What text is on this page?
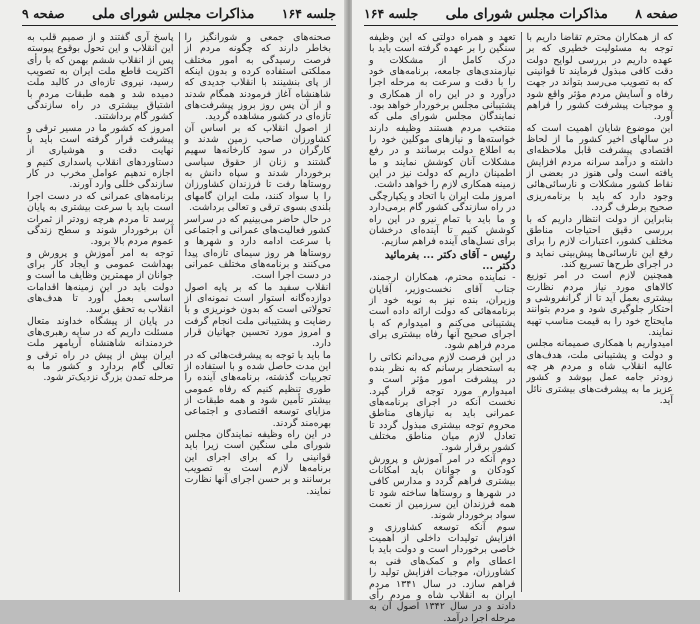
جلسه ۱۶۴
مذاکرات مجلس شورای ملی
صفحه ۹

صحنه‌های جمعی و شورانگیز را بخاطر دارند که چگونه مردم از فرصت رسیدگی به امور مختلف مملکتی استفاده کرده و بدون اینکه از پای بنشینند با انقلاب جدیدی که شاهنشاه آغاز فرمودند همگام شدند و از آن پس روز بروز پیشرفت‌های تازه‌ای در کشور مشاهده گردید.

از اصول انقلاب که بر اساس آن کشاورزان صاحب زمین شدند و کارگران در سود کارخانه‌ها سهیم گشتند و زنان از حقوق سیاسی برخوردار شدند و سپاه دانش به روستاها رفت تا فرزندان کشاورزان را با سواد کنند، ملت ایران گامهای بلندی بسوی ترقی و تعالی برداشت.

در حال حاضر می‌بینیم که در سراسر کشور فعالیت‌های عمرانی و اجتماعی با سرعت ادامه دارد و شهرها و روستاها هر روز سیمای تازه‌ای پیدا می‌کنند و برنامه‌های مختلف عمرانی در دست اجرا است.

انقلاب سفید ما که بر پایه اصول دوازده‌گانه استوار است نمونه‌ای از تحولاتی است که بدون خونریزی و با رضایت و پشتیبانی ملت انجام گرفت و امروز مورد تحسین جهانیان قرار دارد.

ما باید با توجه به پیشرفت‌هائی که در این مدت حاصل شده و با استفاده از تجربیات گذشته، برنامه‌های آینده را طوری تنظیم کنیم که رفاه عمومی بیشتر تأمین شود و همه طبقات از مزایای توسعه اقتصادی و اجتماعی بهره‌مند گردند.

در این راه وظیفه نمایندگان مجلس شورای ملی سنگین است زیرا باید قوانینی را که برای اجرای این برنامه‌ها لازم است به تصویب برسانند و بر حسن اجرای آنها نظارت نمایند.

پاسخ آری گفتند و از صمیم قلب به این انقلاب و این تحول بوقوع پیوسته پس از انقلاب ششم بهمن که با رأی اکثریت قاطع ملت ایران به تصویب رسید، نیروی تازه‌ای در کالبد ملت دمیده شد و همه طبقات مردم با اشتیاق بیشتری در راه سازندگی کشور گام برداشتند.

امروز که کشور ما در مسیر ترقی و پیشرفت قرار گرفته است باید با نهایت دقت و هوشیاری از دستاوردهای انقلاب پاسداری کنیم و اجازه ندهیم عوامل مخرب در کار سازندگی خللی وارد آورند.

برنامه‌های عمرانی که در دست اجرا است باید با سرعت بیشتری به پایان برسد تا مردم هرچه زودتر از ثمرات آن برخوردار شوند و سطح زندگی عموم مردم بالا برود.

توجه به امر آموزش و پرورش و بهداشت عمومی و ایجاد کار برای جوانان از مهمترین وظایف ما است و دولت باید در این زمینه‌ها اقدامات اساسی بعمل آورد تا هدف‌های انقلاب به تحقق برسد.

در پایان از پیشگاه خداوند متعال مسئلت داریم که در سایه رهبری‌های خردمندانه شاهنشاه آریامهر ملت ایران بیش از پیش در راه ترقی و تعالی گام بردارد و کشور ما به مرحله تمدن بزرگ نزدیک‌تر شود.

صفحه ۸
مذاکرات مجلس شورای ملی
جلسه ۱۶۴

که از همکاران محترم تقاضا داریم با توجه به مسئولیت خطیری که بر عهده داریم در بررسی لوایح دولت دقت کافی مبذول فرمایند تا قوانینی که به تصویب می‌رسد بتواند در جهت رفاه و آسایش مردم مؤثر واقع شود و موجبات پیشرفت کشور را فراهم آورد.

این موضوع شایان اهمیت است که در سالهای اخیر کشور ما از لحاظ اقتصادی پیشرفت قابل ملاحظه‌ای داشته و درآمد سرانه مردم افزایش یافته است ولی هنوز در بعضی از نقاط کشور مشکلات و نارسائی‌هائی وجود دارد که باید با برنامه‌ریزی صحیح برطرف گردد.

بنابراین از دولت انتظار داریم که با بررسی دقیق احتیاجات مناطق مختلف کشور، اعتبارات لازم را برای رفع این نارسائی‌ها پیش‌بینی نماید و در اجرای طرح‌ها تسریع کند.

همچنین لازم است در امر توزیع کالاهای مورد نیاز مردم نظارت بیشتری بعمل آید تا از گرانفروشی و احتکار جلوگیری شود و مردم بتوانند مایحتاج خود را به قیمت مناسب تهیه نمایند.

امیدواریم با همکاری صمیمانه مجلس و دولت و پشتیبانی ملت، هدف‌های عالیه انقلاب شاه و مردم هر چه زودتر جامه عمل بپوشد و کشور عزیز ما به پیشرفت‌های بیشتری نائل آید.

تعهد و همراه دولتی که این وظیفه سنگین را بر عهده گرفته است باید با درک کامل از مشکلات و نیازمندی‌های جامعه، برنامه‌های خود را با دقت و سرعت به مرحله اجرا درآورد و در این راه از همکاری و پشتیبانی مجلس برخوردار خواهد بود.

نمایندگان مجلس شورای ملی که منتخب مردم هستند وظیفه دارند خواسته‌ها و نیازهای موکلین خود را به اطلاع دولت برسانند و در رفع مشکلات آنان کوشش نمایند و ما اطمینان داریم که دولت نیز در این زمینه همکاری لازم را خواهد داشت.

امروز ملت ایران با اتحاد و یکپارچگی در راه سازندگی کشور گام برمی‌دارد و ما باید با تمام نیرو در این راه کوشش کنیم تا آینده‌ای درخشان برای نسل‌های آینده فراهم سازیم.

رئیس - آقای دکتر ... بفرمائید

دکتر ...

- نماینده محترم، همکاران ارجمند، جناب آقای نخست‌وزیر، آقایان وزیران، بنده نیز به نوبه خود از برنامه‌هائی که دولت ارائه داده است پشتیبانی می‌کنم و امیدوارم که با اجرای صحیح آنها رفاه بیشتری برای مردم فراهم شود.

در این فرصت لازم می‌دانم نکاتی را به استحضار برسانم که به نظر بنده در پیشرفت امور مؤثر است و امیدوارم مورد توجه قرار گیرد. نخست آنکه در اجرای برنامه‌های عمرانی باید به نیازهای مناطق محروم توجه بیشتری مبذول گردد تا تعادل لازم میان مناطق مختلف کشور برقرار شود.

دوم آنکه در امر آموزش و پرورش کودکان و جوانان باید امکانات بیشتری فراهم گردد و مدارس کافی در شهرها و روستاها ساخته شود تا همه فرزندان این سرزمین از نعمت سواد برخوردار شوند.

سوم آنکه توسعه کشاورزی و افزایش تولیدات داخلی از اهمیت خاصی برخوردار است و دولت باید با اعطای وام و کمک‌های فنی به کشاورزان، موجبات افزایش تولید را فراهم سازد. در سال ۱۳۴۱ مردم ایران به انقلاب شاه و مردم رأی دادند و در سال ۱۳۴۲ اصول آن به مرحله اجرا درآمد.
